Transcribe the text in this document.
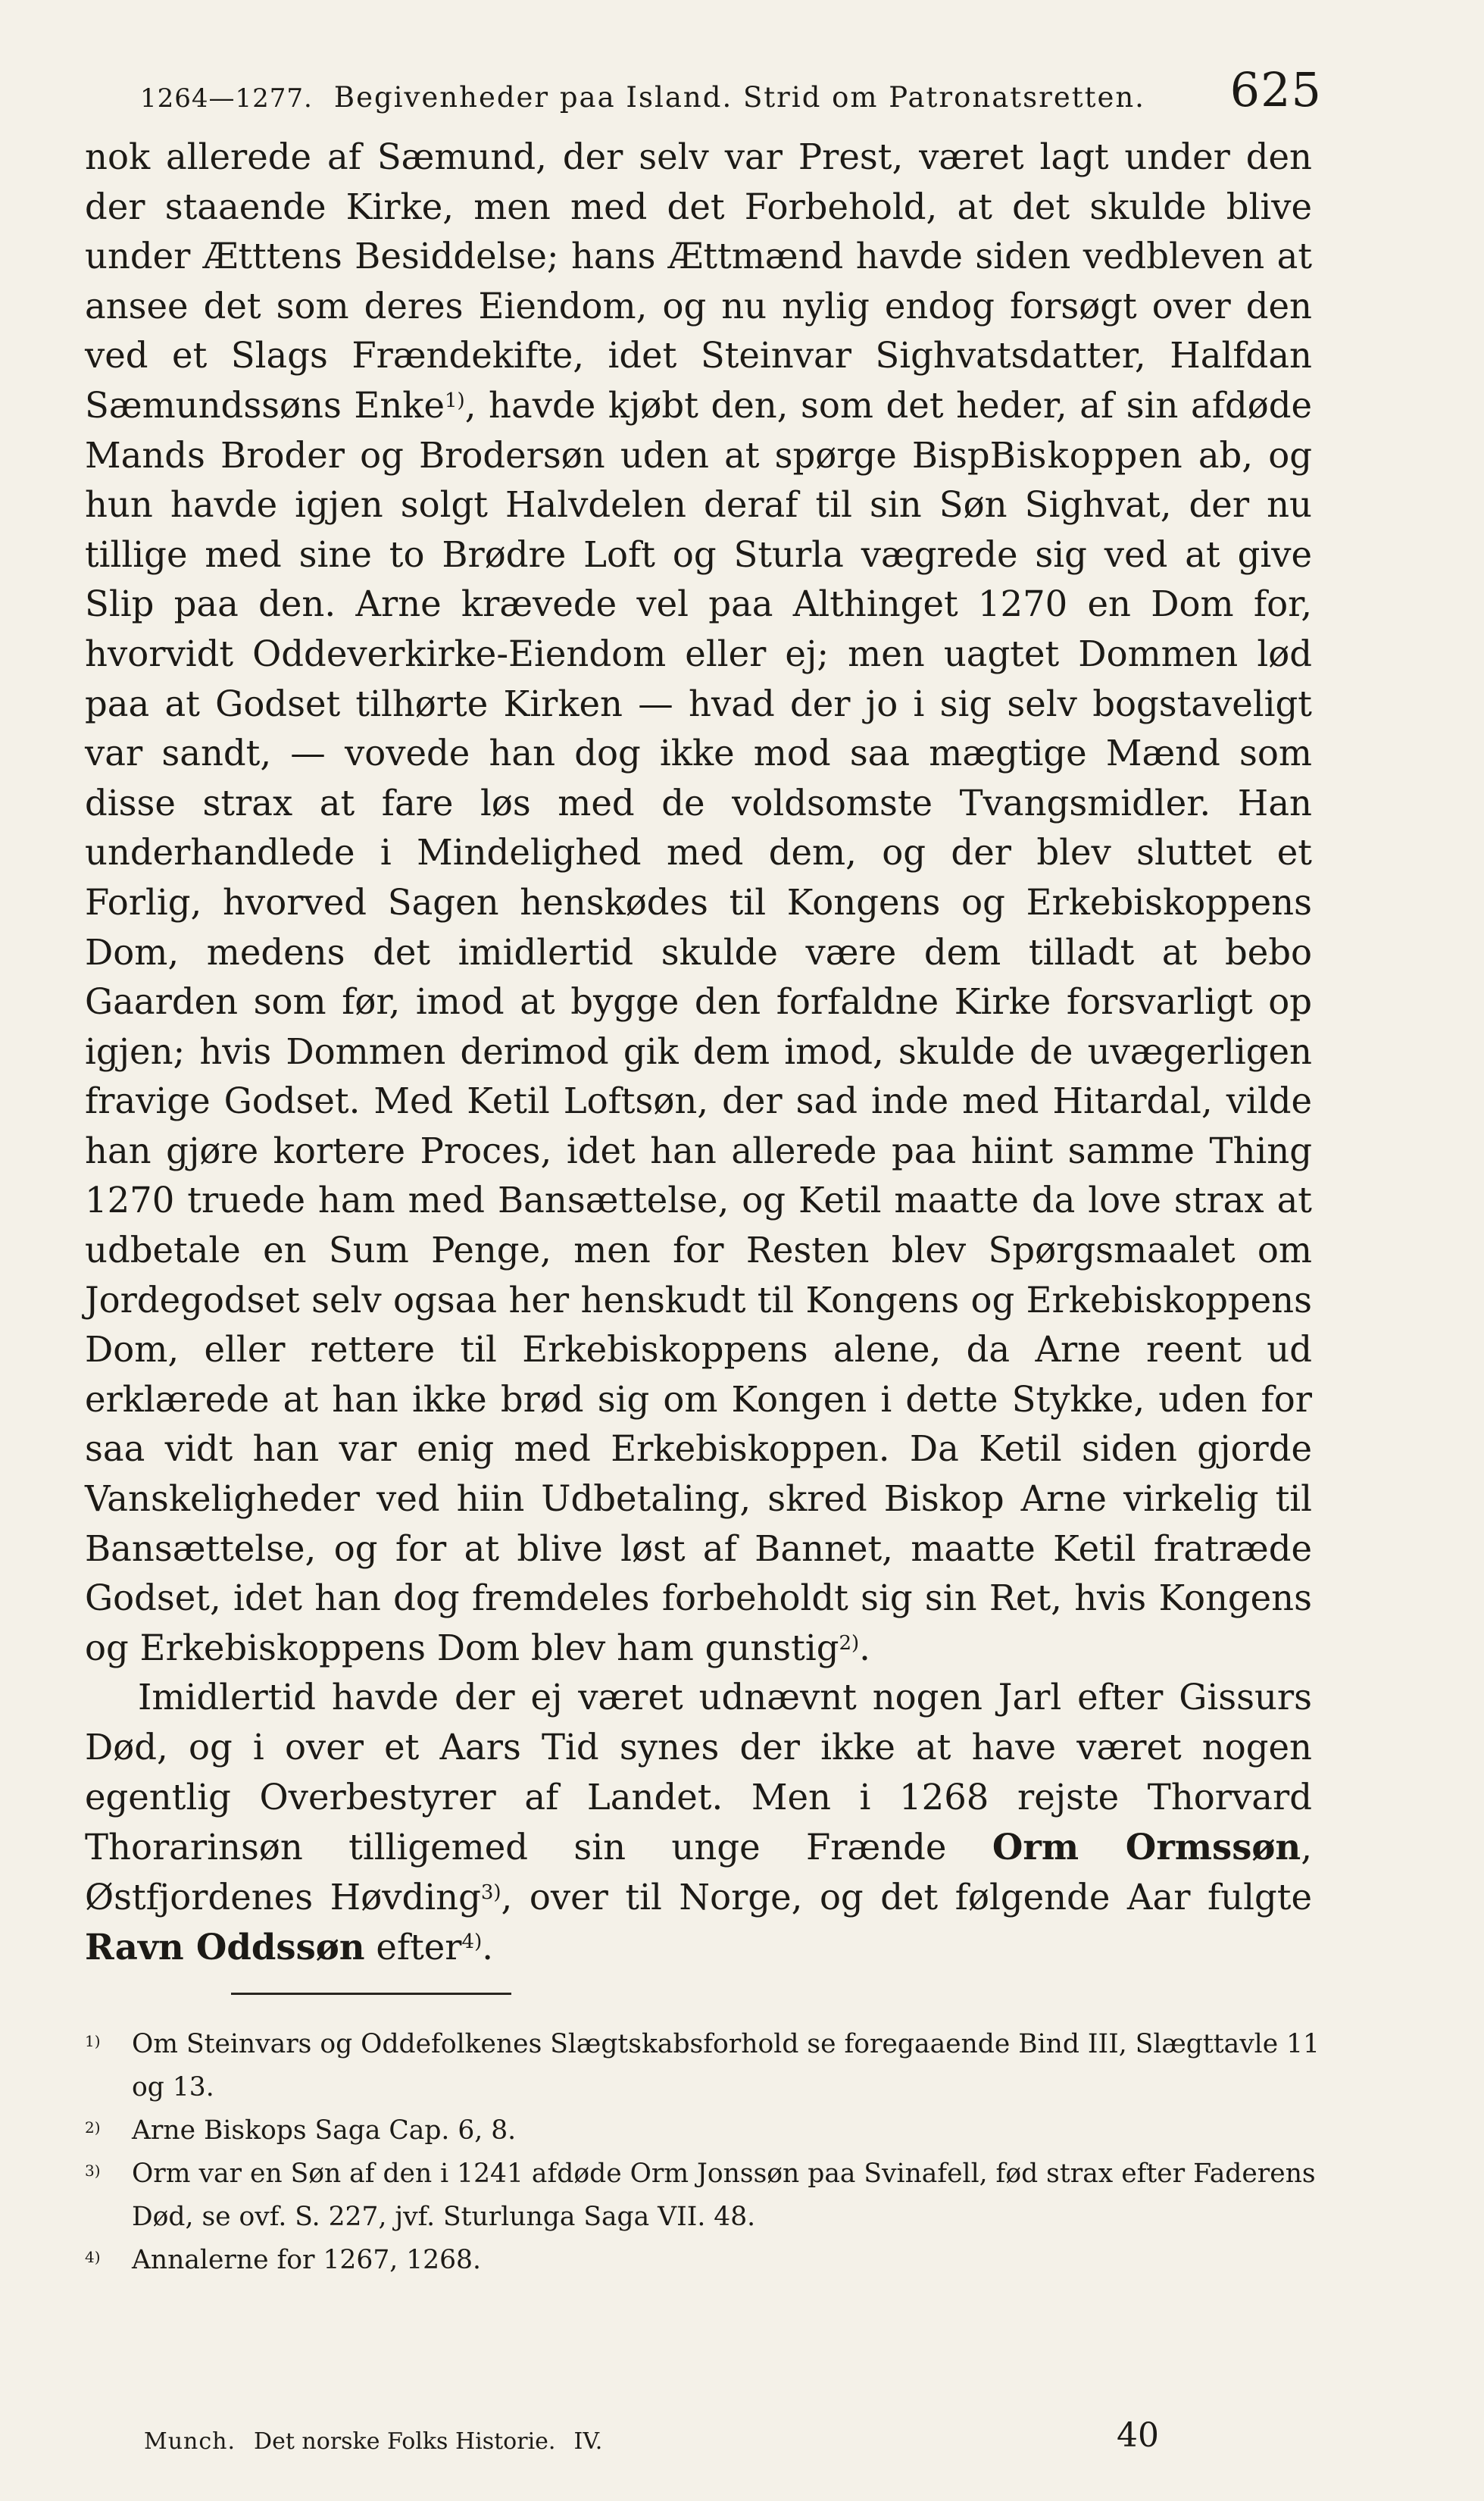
1264—1277. Begivenheder paa Island. Strid om Patronatsretten. 625

nok allerede af Sæmund, der selv var Prest, været lagt under den der staaende Kirke, men med det Forbehold, at det skulde blive under Ætttens Besiddelse; hans Ættmænd havde siden vedbleven at ansee det som deres Eiendom, og nu nylig endog forsøgt over den ved et Slags Frændekifte, idet Steinvar Sighvatsdatter, Halfdan Sæmundssøns Enke$^{1)}$, havde kjøbt den, som det heder, af sin afdøde Mands Broder og Brodersøn uden at spørge BispBiskoppen ab, og hun havde igjen solgt Halvdelen deraf til sin Søn Sighvat, der nu tillige med sine to Brødre Loft og Sturla vægrede sig ved at give Slip paa den. Arne krævede vel paa Althinget 1270 en Dom for, hvorvidt Oddeverkirke-Eiendom eller ej; men uagtet Dommen lød paa at Godset tilhørte Kirken — hvad der jo i sig selv bogstaveligt var sandt, — vovede han dog ikke mod saa mægtige Mænd som disse strax at fare løs med de voldsomste Tvangsmidler. Han underhandlede i Mindelighed med dem, og der blev sluttet et Forlig, hvorved Sagen henskødes til Kongens og Erkebiskoppens Dom, medens det imidlertid skulde være dem tilladt at bebo Gaarden som før, imod at bygge den forfaldne Kirke forsvarligt op igjen; hvis Dommen derimod gik dem imod, skulde de uvægerligen fravige Godset. Med Ketil Loftsøn, der sad inde med Hitardal, vilde han gjøre kortere Proces, idet han allerede paa hiint samme Thing 1270 truede ham med Bansættelse, og Ketil maatte da love strax at udbetale en Sum Penge, men for Resten blev Spørgsmaalet om Jordegodset selv ogsaa her henskudt til Kongens og Erkebiskoppens Dom, eller rettere til Erkebiskoppens alene, da Arne reent ud erklærede at han ikke brød sig om Kongen i dette Stykke, uden for saa vidt han var enig med Erkebiskoppen. Da Ketil siden gjorde Vanskeligheder ved hiin Udbetaling, skred Biskop Arne virkelig til Bansættelse, og for at blive løst af Bannet, maatte Ketil fratræde Godset, idet han dog fremdeles forbeholdt sig sin Ret, hvis Kongens og Erkebiskoppens Dom blev ham gunstig$^{2)}$.

Imidlertid havde der ej været udnævnt nogen Jarl efter Gissurs Død, og i over et Aars Tid synes der ikke at have været nogen egentlig Overbestyrer af Landet. Men i 1268 rejste Thorvard Thorarinsøn tilligemed sin unge Frænde Orm Ormssøn, Østfjordenes Høvding$^{3)}$, over til Norge, og det følgende Aar fulgte Ravn Oddssøn efter$^{4)}$.

$^{1)}$ Om Steinvars og Oddefolkenes Slægtskabsforhold se foregaaende Bind III, Slægttavle 11 og 13.
$^{2)}$ Arne Biskops Saga Cap. 6, 8.
$^{3)}$ Orm var en Søn af den i 1241 afdøde Orm Jonssøn paa Svinafell, fød strax efter Faderens Død, se ovf. S. 227, jvf. Sturlunga Saga VII. 48.
$^{4)}$ Annalerne for 1267, 1268.
Munch. Det norske Folks Historie. IV.	40
